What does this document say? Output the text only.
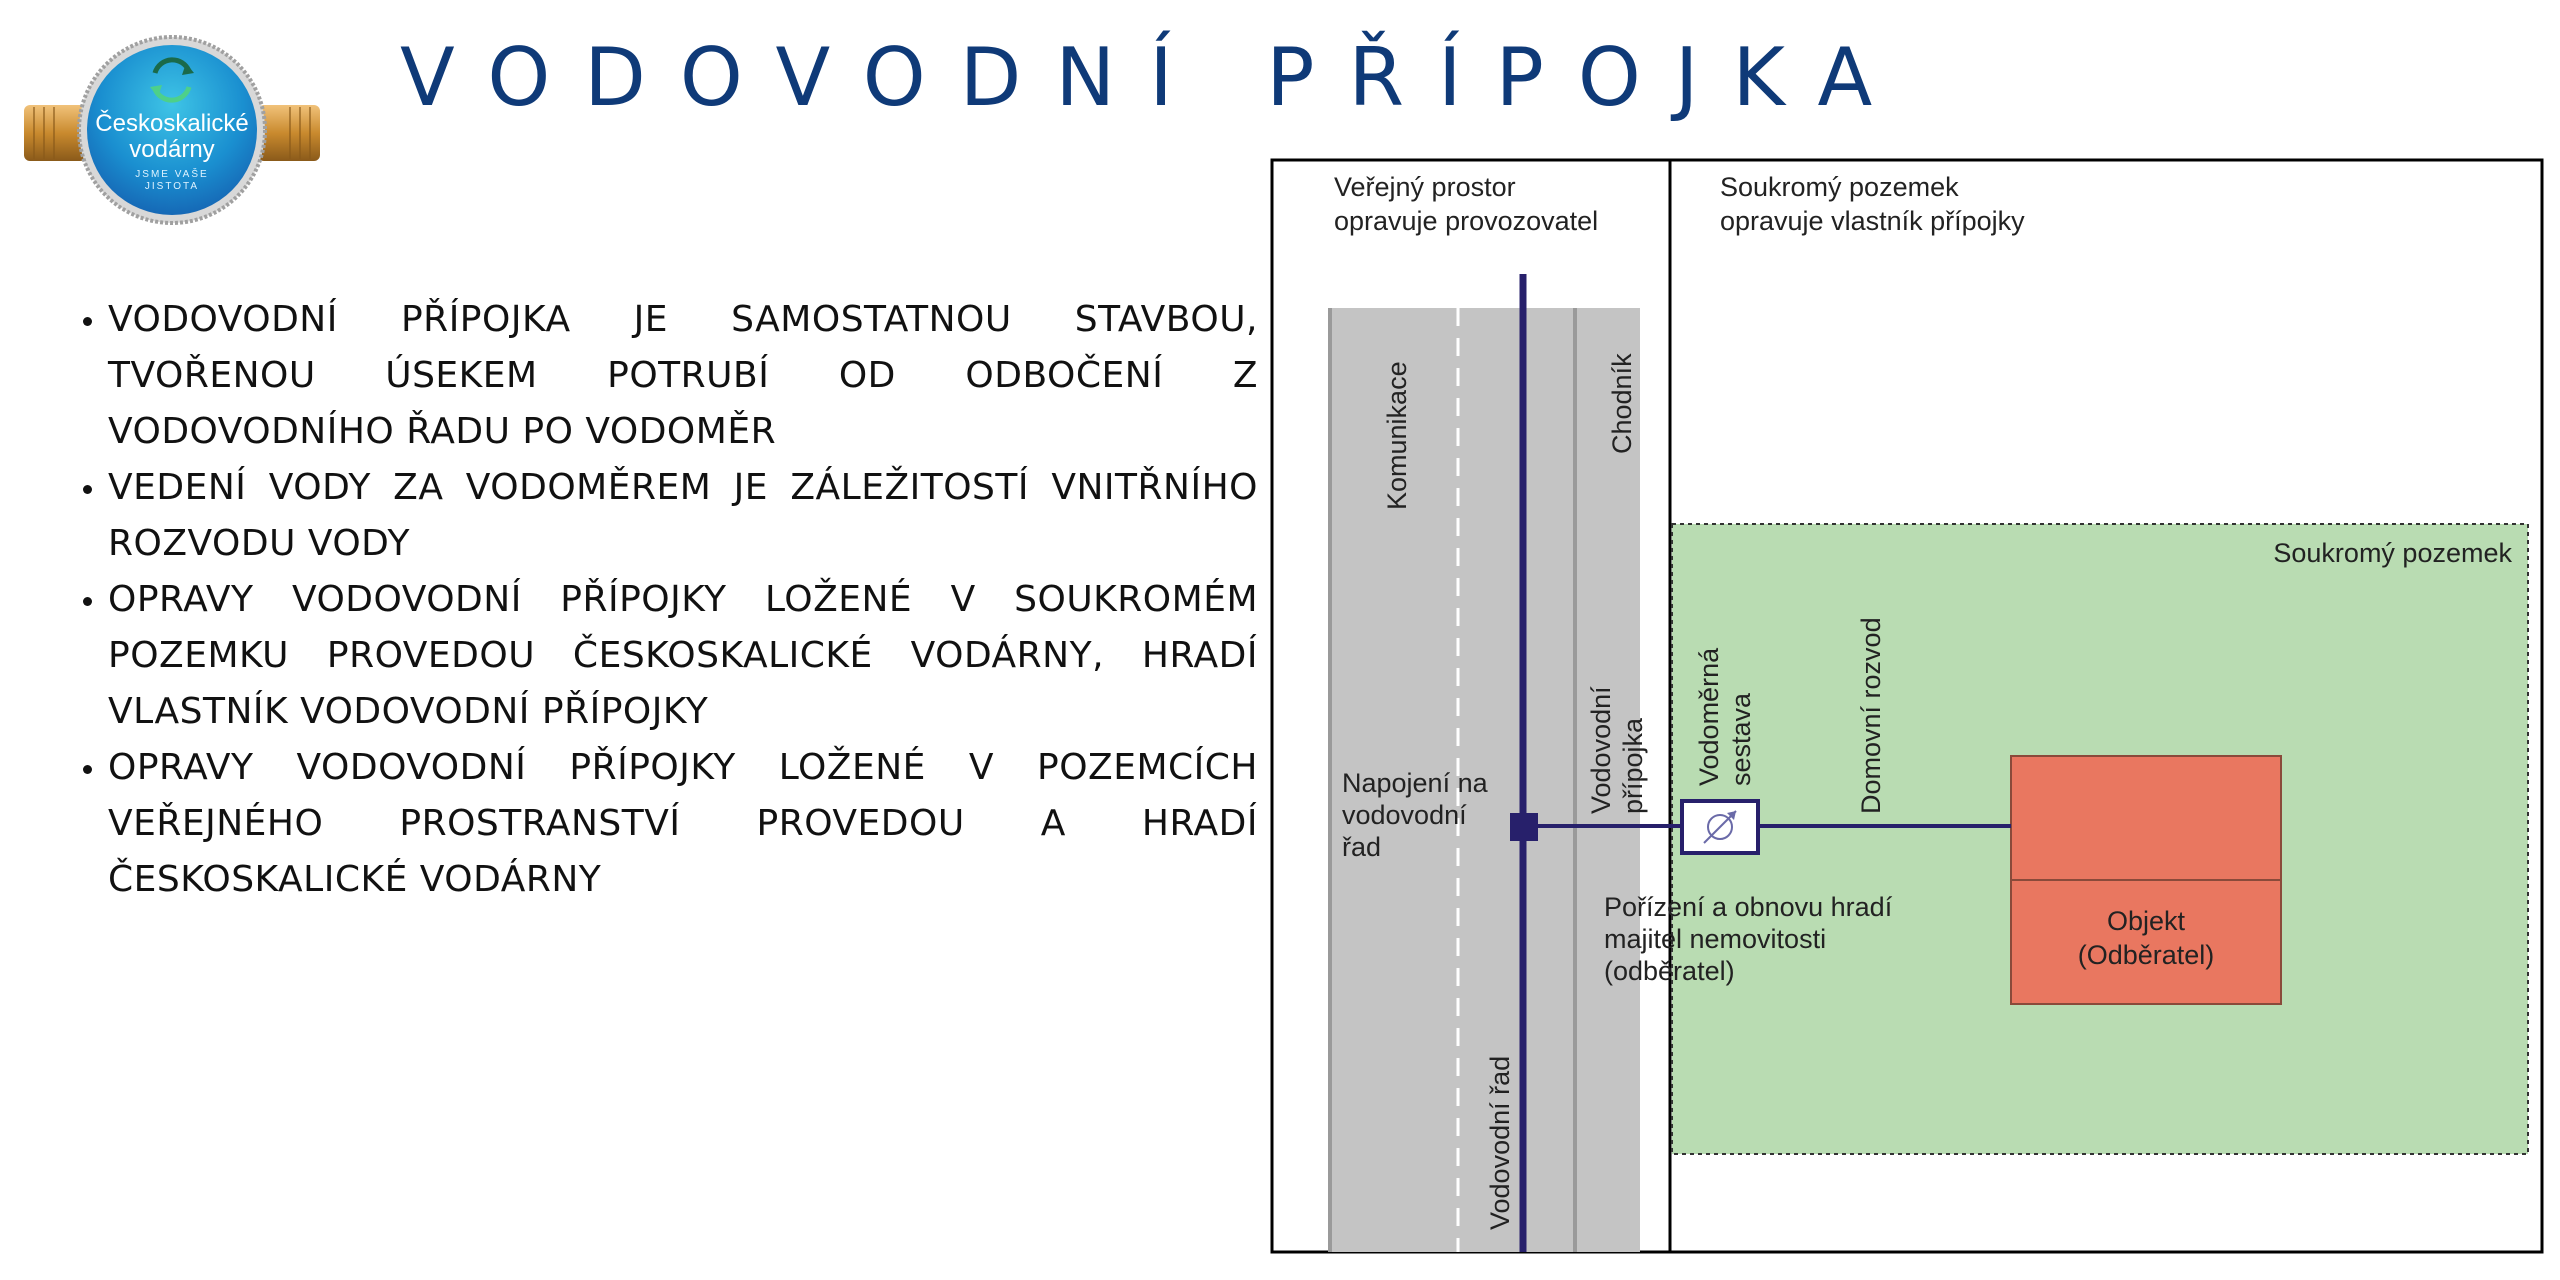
Českoskalické
vodárny
JSME VAŠE
JISTOTA
VODOVODNÍ PŘÍPOJKA
• VODOVODNÍ PŘÍPOJKA JE SAMOSTATNOU STAVBOU, TVOŘENOU ÚSEKEM POTRUBÍ OD ODBOČENÍ Z VODOVODNÍHO ŘADU PO VODOMĚR
• VEDENÍ VODY ZA VODOMĚREM JE ZÁLEŽITOSTÍ VNITŘNÍHO ROZVODU VODY
• OPRAVY VODOVODNÍ PŘÍPOJKY LOŽENÉ V SOUKROMÉM POZEMKU PROVEDOU ČESKOSKALICKÉ VODÁRNY, HRADÍ VLASTNÍK VODOVODNÍ PŘÍPOJKY
• OPRAVY VODOVODNÍ PŘÍPOJKY LOŽENÉ V POZEMCÍCH VEŘEJNÉHO PROSTRANSTVÍ PROVEDOU A HRADÍ ČESKOSKALICKÉ VODÁRNY
Veřejný prostor
opravuje provozovatel
Soukromý pozemek
opravuje vlastník přípojky
Komunikace	Chodník
Vodovodní přípojka Vodoměrná sestava	Domovní rozvod
Vodovodní řad
Soukromý pozemek
Napojení na
vodovodní
řad
Pořízení a obnovu hradí
majitel nemovitosti
(odběratel)
Objekt
(Odběratel)
